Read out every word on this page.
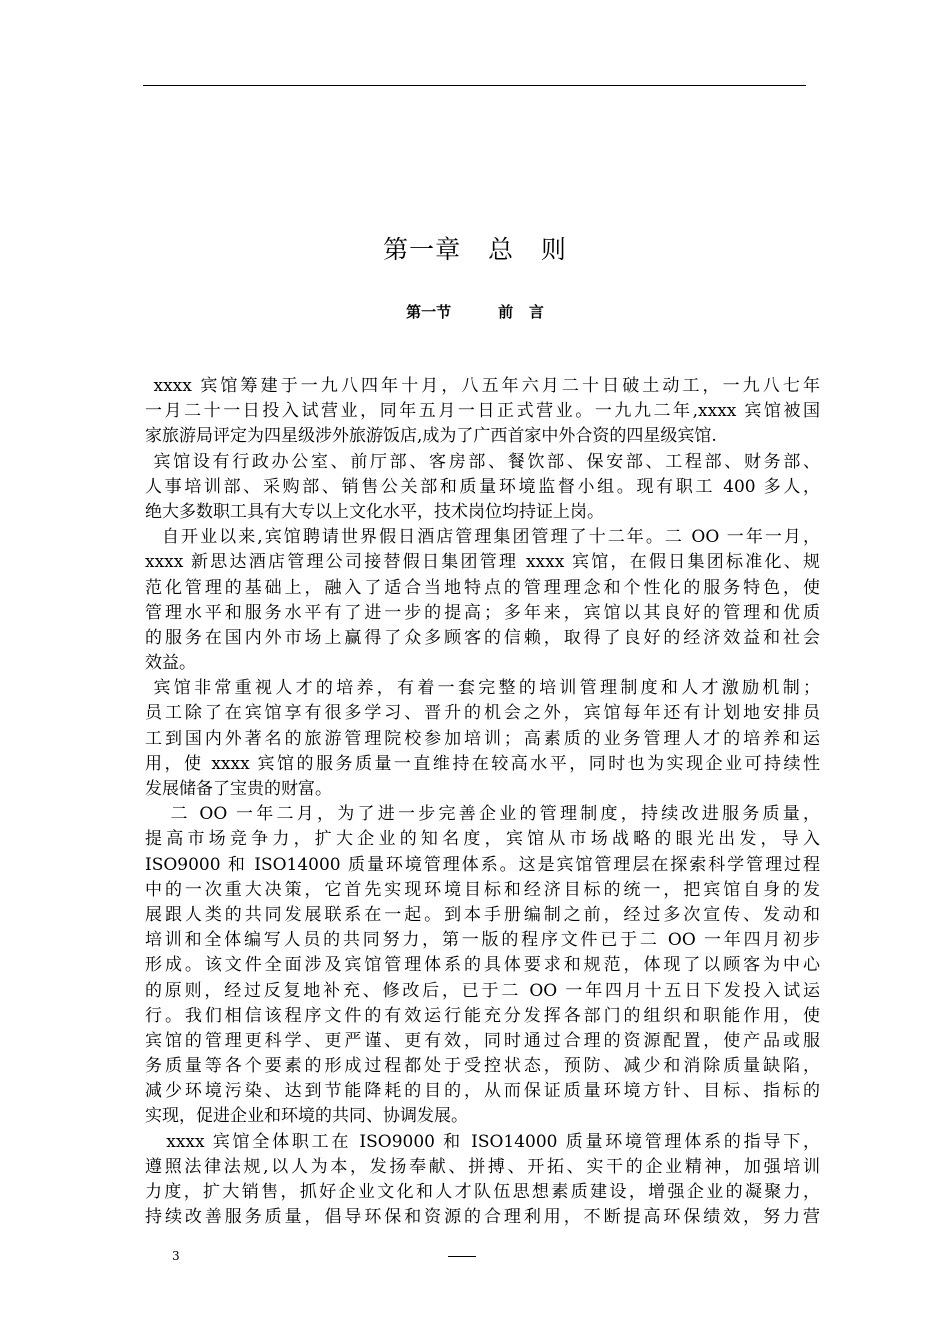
第一章   总   则
第一节         前   言
xxxx 宾馆筹建于一九八四年十月，八五年六月二十日破土动工，一九八七年
一月二十一日投入试营业，同年五月一日正式营业。一九九二年,xxxx 宾馆被国
家旅游局评定为四星级涉外旅游饭店,成为了广西首家中外合资的四星级宾馆.
宾馆设有行政办公室、前厅部、客房部、餐饮部、保安部、工程部、财务部、
人事培训部、采购部、销售公关部和质量环境监督小组。现有职工 400 多人，
绝大多数职工具有大专以上文化水平，技术岗位均持证上岗。
自开业以来,宾馆聘请世界假日酒店管理集团管理了十二年。二 OO 一年一月，
xxxx 新思达酒店管理公司接替假日集团管理 xxxx 宾馆，在假日集团标准化、规
范化管理的基础上，融入了适合当地特点的管理理念和个性化的服务特色，使
管理水平和服务水平有了进一步的提高；多年来，宾馆以其良好的管理和优质
的服务在国内外市场上赢得了众多顾客的信赖，取得了良好的经济效益和社会
效益。
宾馆非常重视人才的培养，有着一套完整的培训管理制度和人才激励机制；
员工除了在宾馆享有很多学习、晋升的机会之外，宾馆每年还有计划地安排员
工到国内外著名的旅游管理院校参加培训；高素质的业务管理人才的培养和运
用，使 xxxx 宾馆的服务质量一直维持在较高水平，同时也为实现企业可持续性
发展储备了宝贵的财富。
二 OO 一年二月，为了进一步完善企业的管理制度，持续改进服务质量，
提高市场竞争力，扩大企业的知名度，宾馆从市场战略的眼光出发，导入
ISO9000 和 ISO14000 质量环境管理体系。这是宾馆管理层在探索科学管理过程
中的一次重大决策，它首先实现环境目标和经济目标的统一，把宾馆自身的发
展跟人类的共同发展联系在一起。到本手册编制之前，经过多次宣传、发动和
培训和全体编写人员的共同努力，第一版的程序文件已于二 OO 一年四月初步
形成。该文件全面涉及宾馆管理体系的具体要求和规范，体现了以顾客为中心
的原则，经过反复地补充、修改后，已于二 OO 一年四月十五日下发投入试运
行。我们相信该程序文件的有效运行能充分发挥各部门的组织和职能作用，使
宾馆的管理更科学、更严谨、更有效，同时通过合理的资源配置，使产品或服
务质量等各个要素的形成过程都处于受控状态，预防、减少和消除质量缺陷，
减少环境污染、达到节能降耗的目的，从而保证质量环境方针、目标、指标的
实现，促进企业和环境的共同、协调发展。
xxxx 宾馆全体职工在 ISO9000 和 ISO14000 质量环境管理体系的指导下，
遵照法律法规,以人为本，发扬奉献、拼搏、开拓、实干的企业精神，加强培训
力度，扩大销售，抓好企业文化和人才队伍思想素质建设，增强企业的凝聚力，
持续改善服务质量，倡导环保和资源的合理利用，不断提高环保绩效，努力营
3
